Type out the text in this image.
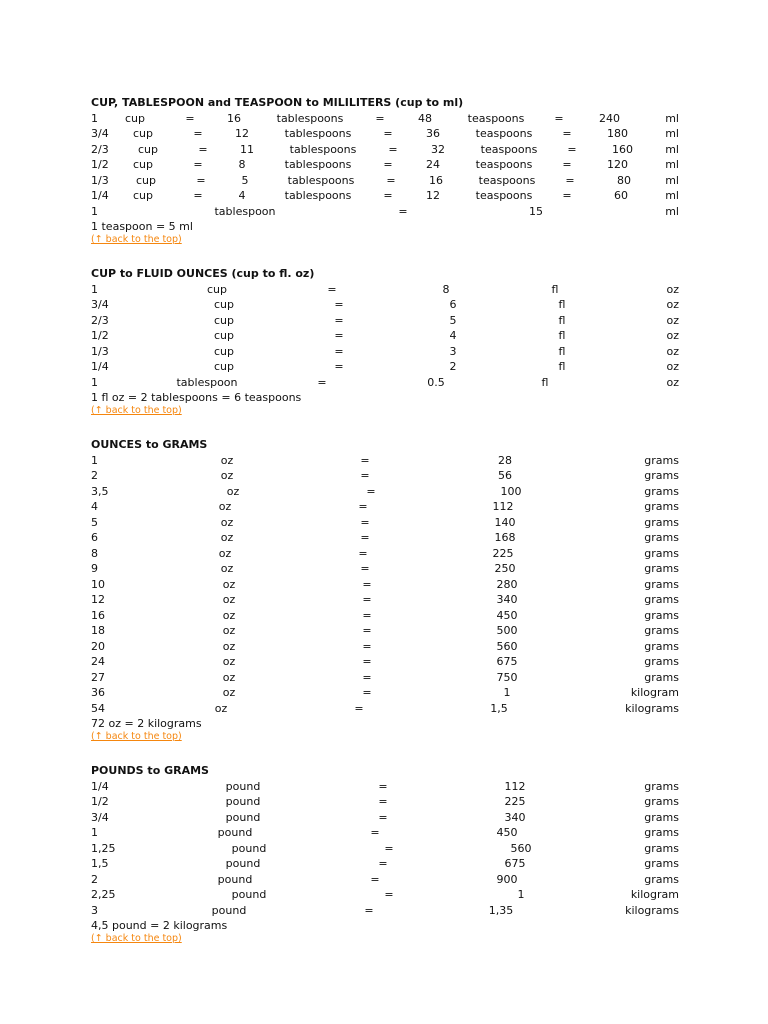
CUP, TABLESPOON and TEASPOON to MILILITERS (cup to ml)
1 cup	=	16	tablespoons	=	48	teaspoons	=	240	ml
3/4 cup	=	12	tablespoons	=	36	teaspoons	=	180	ml
2/3	cup	=	11	tablespoons	=	32	teaspoons	=	160	ml
1/2 cup	=	8	tablespoons	=	24	teaspoons	=	120	ml
1/3 cup	=	5	tablespoons	=	16	teaspoons	=	80	ml
1/4 cup	=	4	tablespoons	=	12	teaspoons	=	60	ml
1	tablespoon	=	15	ml
1 teaspoon = 5 ml
(↑ back to the top)
CUP to FLUID OUNCES (cup to fl. oz)
1	cup	=	8	fl	oz
3/4	cup	=	6	fl	oz
2/3	cup	=	5	fl	oz
1/2	cup	=	4	fl	oz
1/3	cup	=	3	fl	oz
1/4	cup	=	2	fl	oz
1	tablespoon	=	0.5	fl	oz
1 fl oz = 2 tablespoons = 6 teaspoons
(↑ back to the top)
OUNCES to GRAMS
1	oz	=	28	grams
2	oz	=	56	grams
3,5	oz	=	100	grams
4	oz	=	112	grams
5	oz	=	140	grams
6	oz	=	168	grams
8	oz	=	225	grams
9	oz	=	250	grams
10	oz	=	280	grams
12	oz	=	340	grams
16	oz	=	450	grams
18	oz	=	500	grams
20	oz	=	560	grams
24	oz	=	675	grams
27	oz	=	750	grams
36	oz	=	1	kilogram
54	oz	=	1,5	kilograms
72 oz = 2 kilograms
(↑ back to the top)
POUNDS to GRAMS
1/4	pound	=	112	grams
1/2	pound	=	225	grams
3/4	pound	=	340	grams
1	pound	=	450	grams
1,25	pound	=	560	grams
1,5	pound	=	675	grams
2	pound	=	900	grams
2,25	pound	=	1	kilogram
3	pound	=	1,35	kilograms
4,5 pound = 2 kilograms
(↑ back to the top)
